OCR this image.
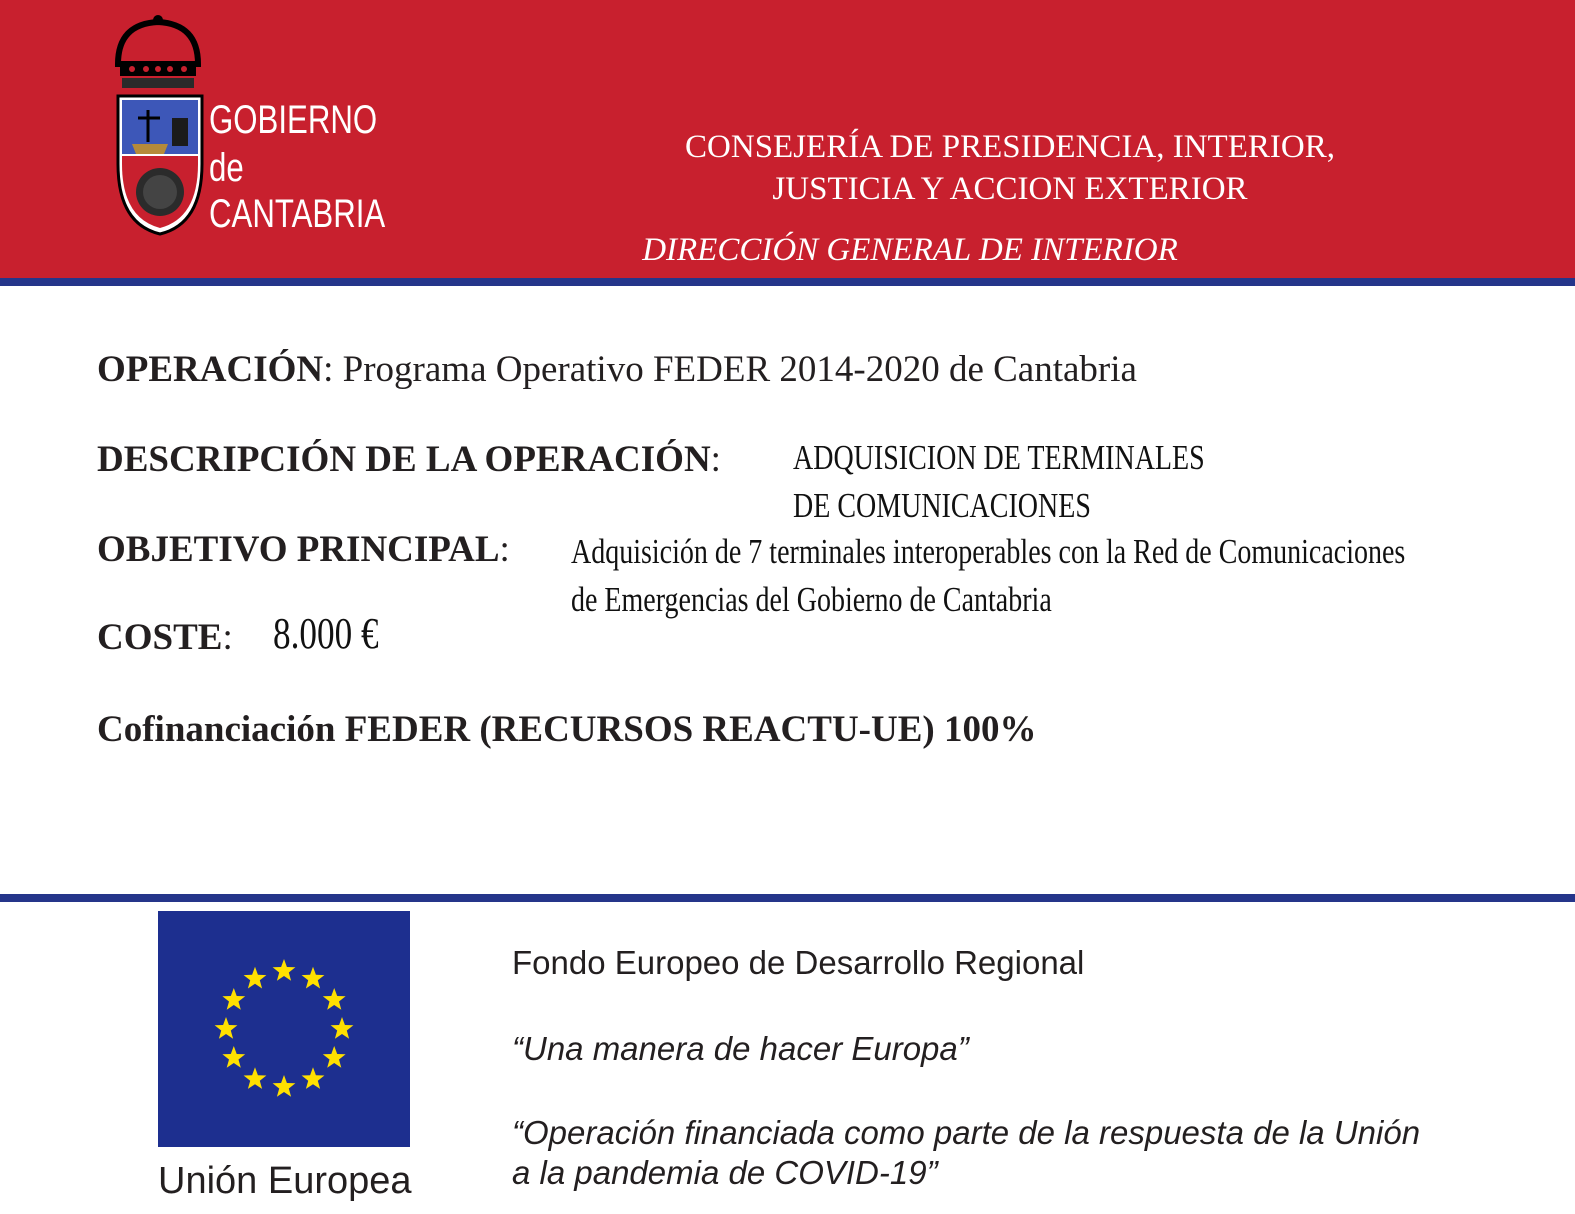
GOBIERNO
de
CANTABRIA
CONSEJERÍA DE PRESIDENCIA, INTERIOR,
JUSTICIA Y ACCION EXTERIOR
DIRECCIÓN GENERAL DE INTERIOR
OPERACIÓN: Programa Operativo FEDER 2014-2020 de Cantabria
DESCRIPCIÓN DE LA OPERACIÓN: ADQUISICION DE TERMINALES
DE COMUNICACIONES
OBJETIVO PRINCIPAL: Adquisición de 7 terminales interoperables con la Red de Comunicaciones
de Emergencias del Gobierno de Cantabria
COSTE: 8.000 €
Cofinanciación FEDER (RECURSOS REACTU-UE) 100%
Unión Europea
Fondo Europeo de Desarrollo Regional
“Una manera de hacer Europa”
“Operación financiada como parte de la respuesta de la Unión
a la pandemia de COVID-19”
